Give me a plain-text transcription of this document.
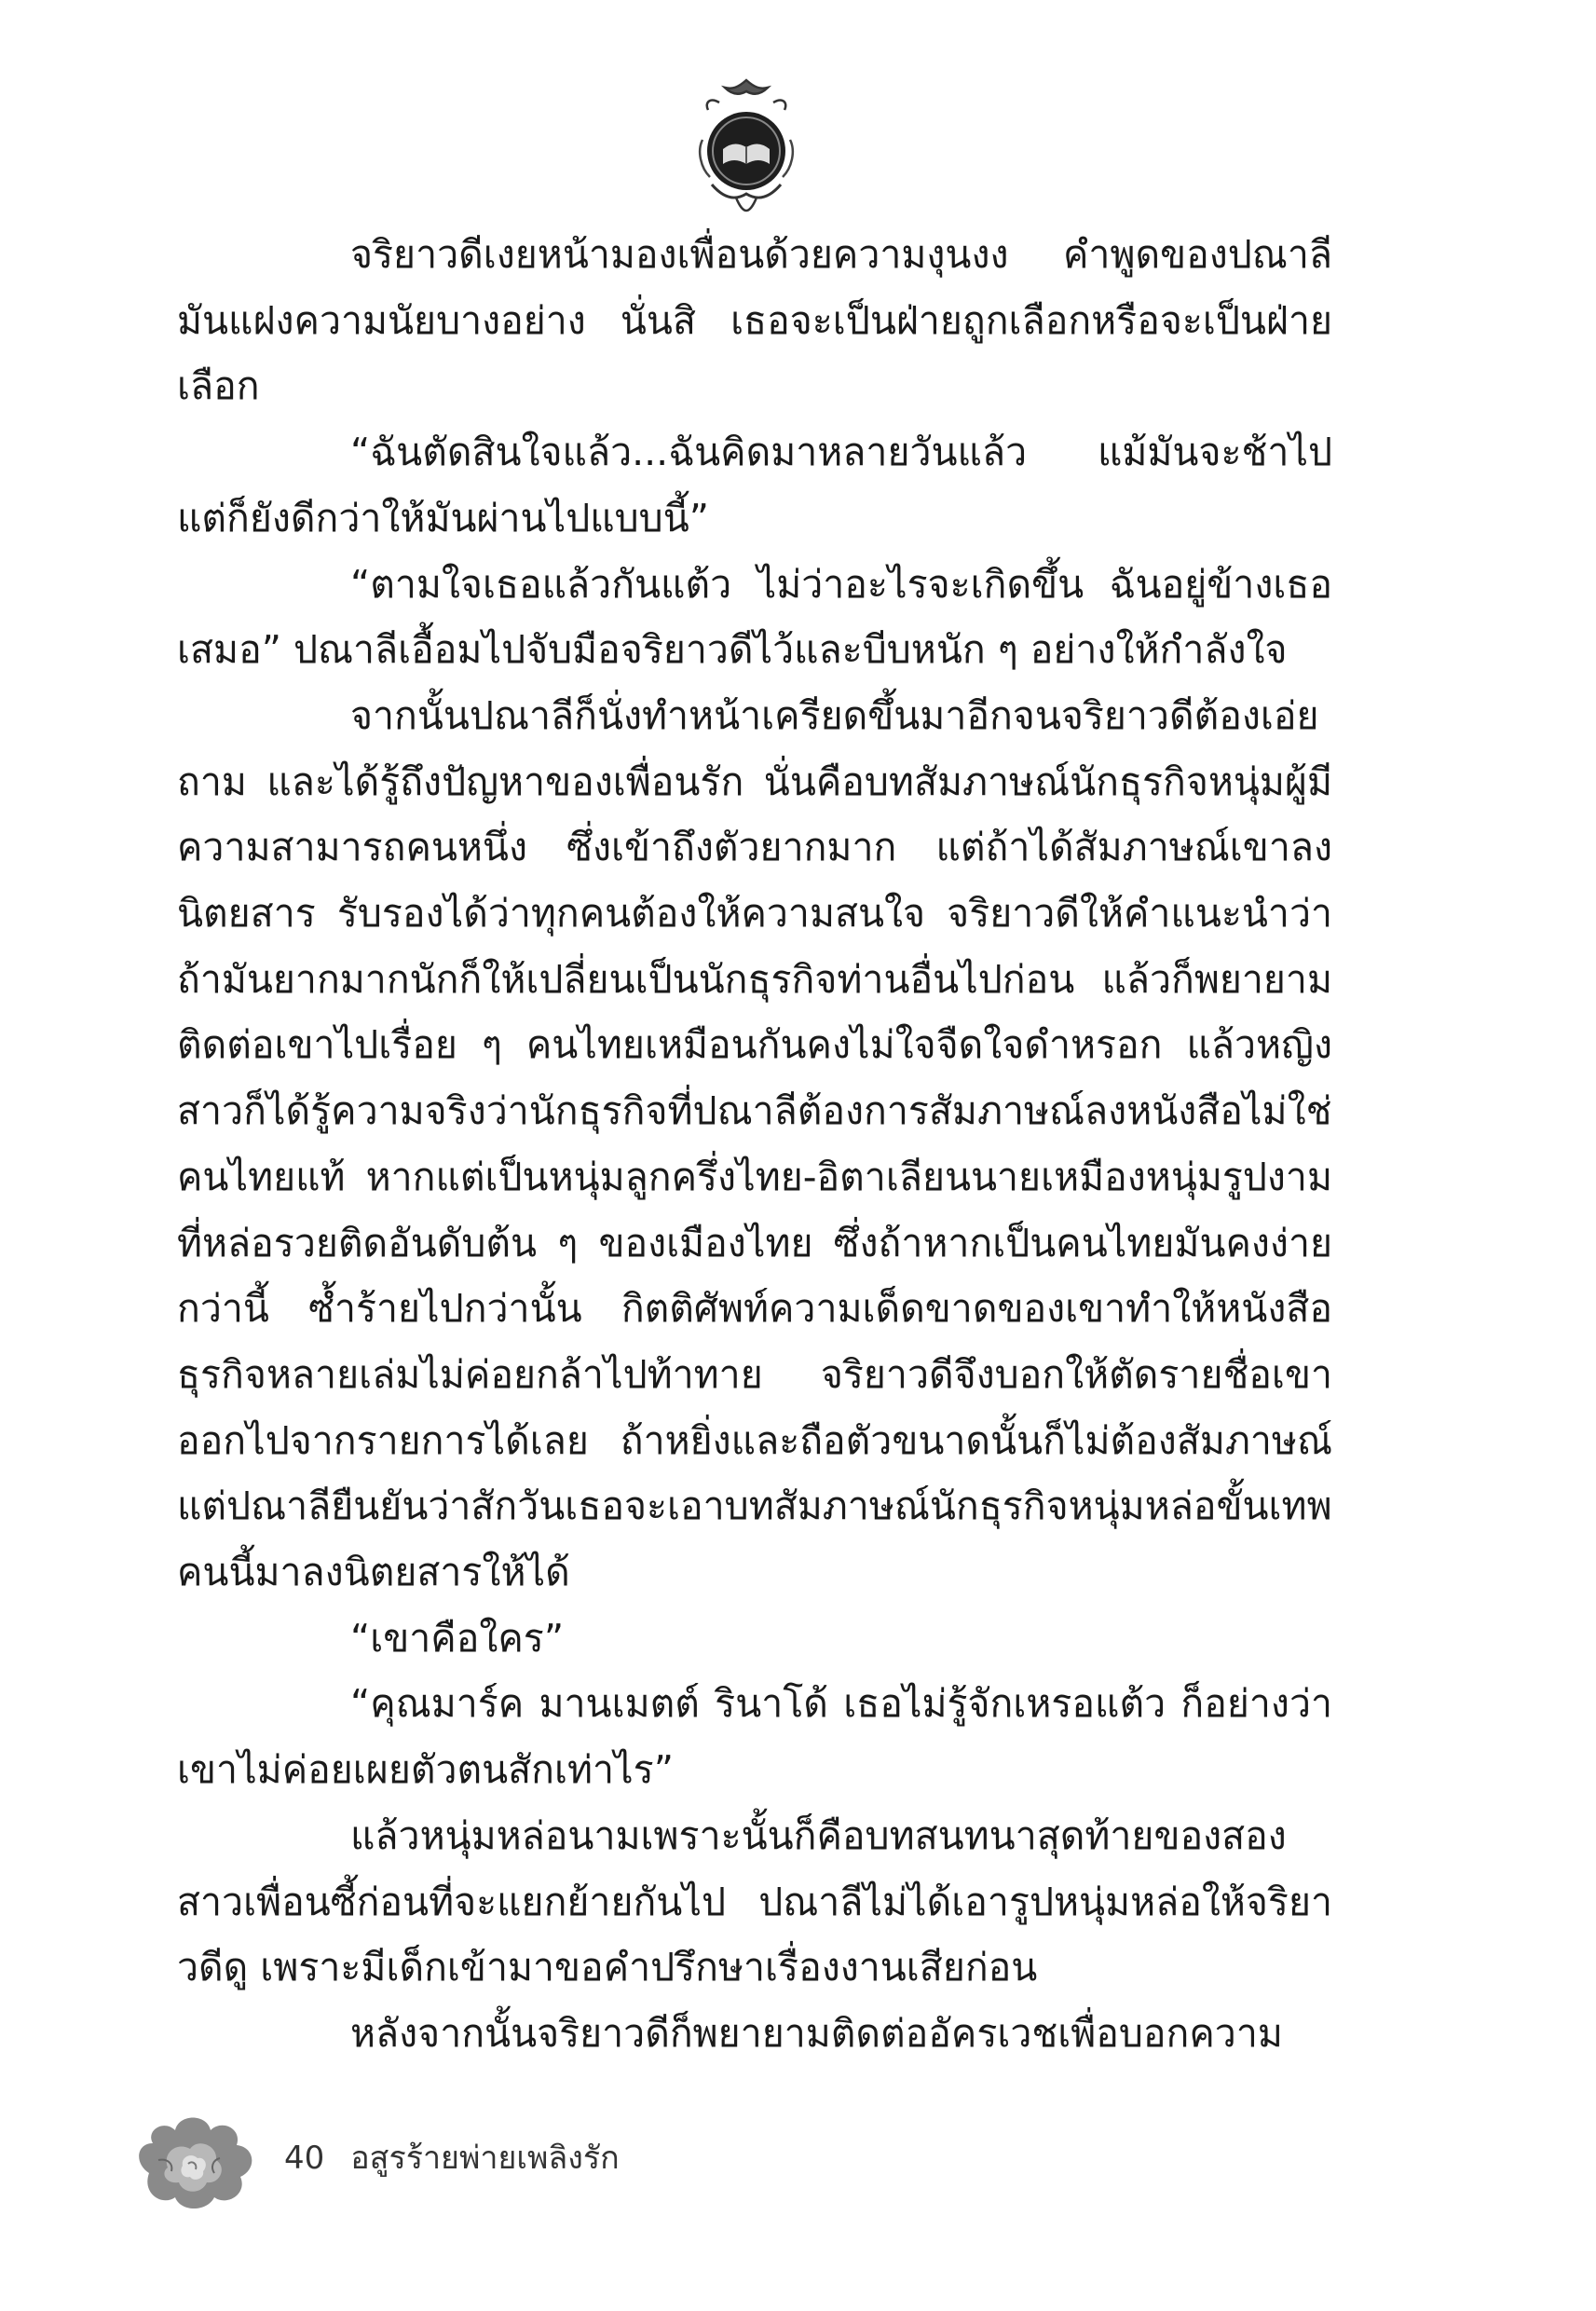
จริยาวดีเงยหน้ามองเพื่อนด้วยความงุนงง คำพูดของปณาลีมันแฝงความนัยบางอย่าง นั่นสิ เธอจะเป็นฝ่ายถูกเลือกหรือจะเป็นฝ่ายเลือก

“ฉันตัดสินใจแล้ว...ฉันคิดมาหลายวันแล้ว แม้มันจะช้าไป แต่ก็ยังดีกว่าให้มันผ่านไปแบบนี้”

“ตามใจเธอแล้วกันแต้ว ไม่ว่าอะไรจะเกิดขึ้น ฉันอยู่ข้างเธอเสมอ” ปณาลีเอื้อมไปจับมือจริยาวดีไว้และบีบหนัก ๆ อย่างให้กำลังใจ

จากนั้นปณาลีก็นั่งทำหน้าเครียดขึ้นมาอีกจนจริยาวดีต้องเอ่ยถาม และได้รู้ถึงปัญหาของเพื่อนรัก นั่นคือบทสัมภาษณ์นักธุรกิจหนุ่มผู้มีความสามารถคนหนึ่ง ซึ่งเข้าถึงตัวยากมาก แต่ถ้าได้สัมภาษณ์เขาลงนิตยสาร รับรองได้ว่าทุกคนต้องให้ความสนใจ จริยาวดีให้คำแนะนำว่าถ้ามันยากมากนักก็ให้เปลี่ยนเป็นนักธุรกิจท่านอื่นไปก่อน แล้วก็พยายามติดต่อเขาไปเรื่อย ๆ คนไทยเหมือนกันคงไม่ใจจืดใจดำหรอก แล้วหญิงสาวก็ได้รู้ความจริงว่านักธุรกิจที่ปณาลีต้องการสัมภาษณ์ลงหนังสือไม่ใช่คนไทยแท้ หากแต่เป็นหนุ่มลูกครึ่งไทย-อิตาเลียนนายเหมืองหนุ่มรูปงามที่หล่อรวยติดอันดับต้น ๆ ของเมืองไทย ซึ่งถ้าหากเป็นคนไทยมันคงง่ายกว่านี้ ซ้ำร้ายไปกว่านั้น กิตติศัพท์ความเด็ดขาดของเขาทำให้หนังสือธุรกิจหลายเล่มไม่ค่อยกล้าไปท้าทาย จริยาวดีจึงบอกให้ตัดรายชื่อเขาออกไปจากรายการได้เลย ถ้าหยิ่งและถือตัวขนาดนั้นก็ไม่ต้องสัมภาษณ์ แต่ปณาลียืนยันว่าสักวันเธอจะเอาบทสัมภาษณ์นักธุรกิจหนุ่มหล่อขั้นเทพคนนี้มาลงนิตยสารให้ได้

“เขาคือใคร”

“คุณมาร์ค มานเมตต์ รินาโด้ เธอไม่รู้จักเหรอแต้ว ก็อย่างว่าเขาไม่ค่อยเผยตัวตนสักเท่าไร”

แล้วหนุ่มหล่อนามเพราะนั้นก็คือบทสนทนาสุดท้ายของสองสาวเพื่อนซี้ก่อนที่จะแยกย้ายกันไป ปณาลีไม่ได้เอารูปหนุ่มหล่อให้จริยาวดีดู เพราะมีเด็กเข้ามาขอคำปรึกษาเรื่องงานเสียก่อน

หลังจากนั้นจริยาวดีก็พยายามติดต่ออัครเวชเพื่อบอกความ

40 อสูรร้ายพ่ายเพลิงรัก
